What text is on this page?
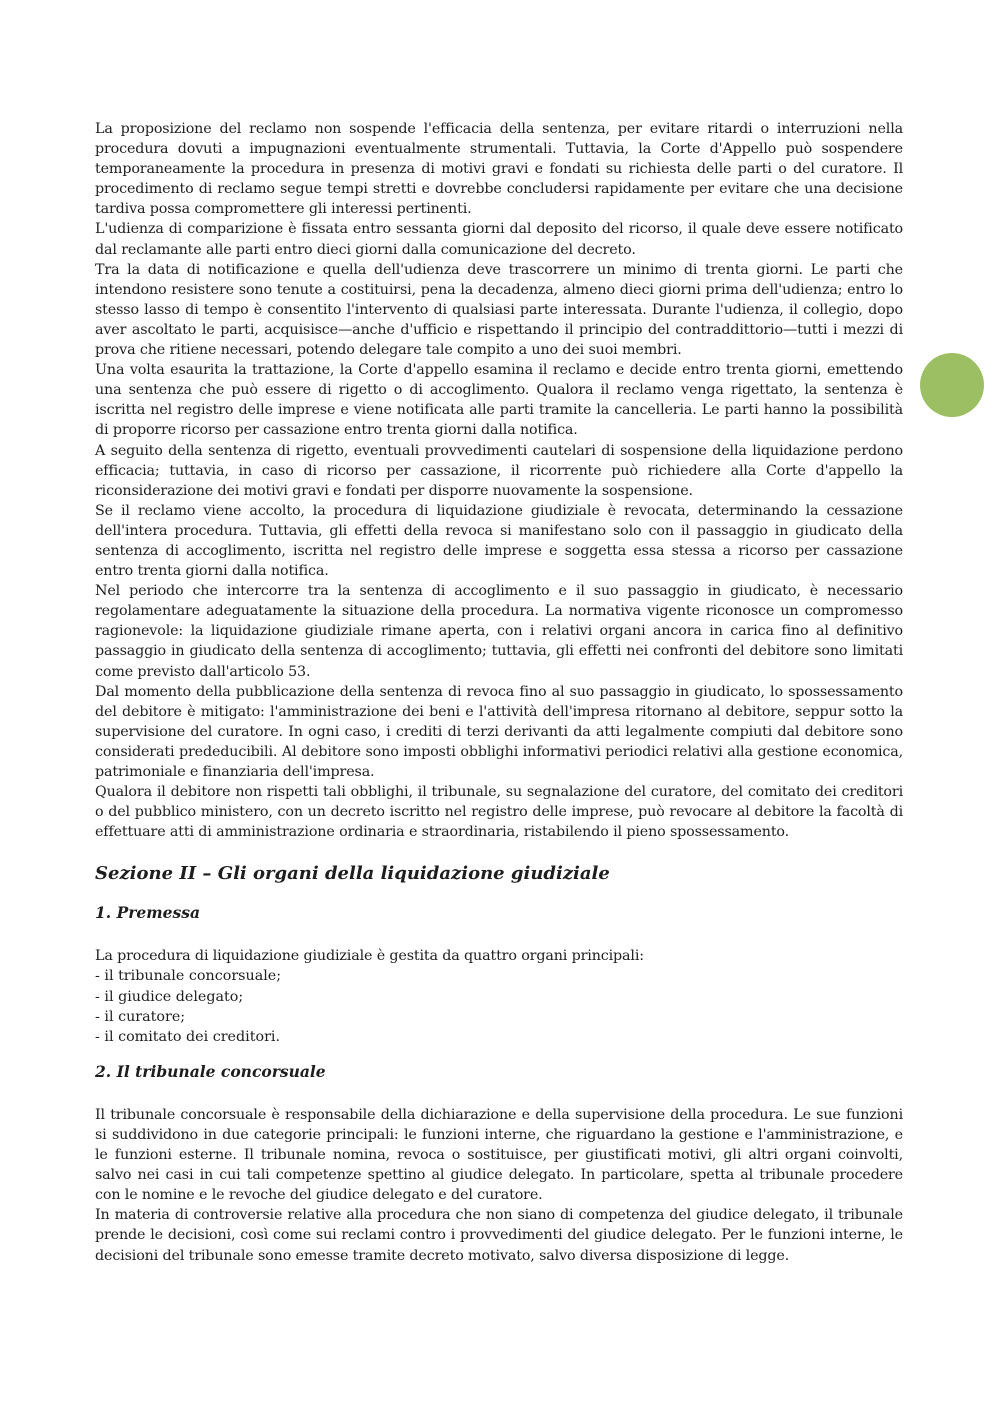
La proposizione del reclamo non sospende l'efficacia della sentenza, per evitare ritardi o interruzioni nella procedura dovuti a impugnazioni eventualmente strumentali. Tuttavia, la Corte d'Appello può sospendere temporaneamente la procedura in presenza di motivi gravi e fondati su richiesta delle parti o del curatore. Il procedimento di reclamo segue tempi stretti e dovrebbe concludersi rapidamente per evitare che una decisione tardiva possa compromettere gli interessi pertinenti.

L'udienza di comparizione è fissata entro sessanta giorni dal deposito del ricorso, il quale deve essere notificato dal reclamante alle parti entro dieci giorni dalla comunicazione del decreto.

Tra la data di notificazione e quella dell'udienza deve trascorrere un minimo di trenta giorni. Le parti che intendono resistere sono tenute a costituirsi, pena la decadenza, almeno dieci giorni prima dell'udienza; entro lo stesso lasso di tempo è consentito l'intervento di qualsiasi parte interessata. Durante l'udienza, il collegio, dopo aver ascoltato le parti, acquisisce—anche d'ufficio e rispettando il principio del contraddittorio—tutti i mezzi di prova che ritiene necessari, potendo delegare tale compito a uno dei suoi membri.

Una volta esaurita la trattazione, la Corte d'appello esamina il reclamo e decide entro trenta giorni, emettendo una sentenza che può essere di rigetto o di accoglimento. Qualora il reclamo venga rigettato, la sentenza è iscritta nel registro delle imprese e viene notificata alle parti tramite la cancelleria. Le parti hanno la possibilità di proporre ricorso per cassazione entro trenta giorni dalla notifica.

A seguito della sentenza di rigetto, eventuali provvedimenti cautelari di sospensione della liquidazione perdono efficacia; tuttavia, in caso di ricorso per cassazione, il ricorrente può richiedere alla Corte d'appello la riconsiderazione dei motivi gravi e fondati per disporre nuovamente la sospensione.

Se il reclamo viene accolto, la procedura di liquidazione giudiziale è revocata, determinando la cessazione dell'intera procedura. Tuttavia, gli effetti della revoca si manifestano solo con il passaggio in giudicato della sentenza di accoglimento, iscritta nel registro delle imprese e soggetta essa stessa a ricorso per cassazione entro trenta giorni dalla notifica.

Nel periodo che intercorre tra la sentenza di accoglimento e il suo passaggio in giudicato, è necessario regolamentare adeguatamente la situazione della procedura. La normativa vigente riconosce un compromesso ragionevole: la liquidazione giudiziale rimane aperta, con i relativi organi ancora in carica fino al definitivo passaggio in giudicato della sentenza di accoglimento; tuttavia, gli effetti nei confronti del debitore sono limitati come previsto dall'articolo 53.

Dal momento della pubblicazione della sentenza di revoca fino al suo passaggio in giudicato, lo spossessamento del debitore è mitigato: l'amministrazione dei beni e l'attività dell'impresa ritornano al debitore, seppur sotto la supervisione del curatore. In ogni caso, i crediti di terzi derivanti da atti legalmente compiuti dal debitore sono considerati prededucibili. Al debitore sono imposti obblighi informativi periodici relativi alla gestione economica, patrimoniale e finanziaria dell'impresa.

Qualora il debitore non rispetti tali obblighi, il tribunale, su segnalazione del curatore, del comitato dei creditori o del pubblico ministero, con un decreto iscritto nel registro delle imprese, può revocare al debitore la facoltà di effettuare atti di amministrazione ordinaria e straordinaria, ristabilendo il pieno spossessamento.

Sezione II – Gli organi della liquidazione giudiziale
1. Premessa

La procedura di liquidazione giudiziale è gestita da quattro organi principali:

- il tribunale concorsuale;
- il giudice delegato;
- il curatore;
- il comitato dei creditori.
2. Il tribunale concorsuale

Il tribunale concorsuale è responsabile della dichiarazione e della supervisione della procedura. Le sue funzioni si suddividono in due categorie principali: le funzioni interne, che riguardano la gestione e l'amministrazione, e le funzioni esterne. Il tribunale nomina, revoca o sostituisce, per giustificati motivi, gli altri organi coinvolti, salvo nei casi in cui tali competenze spettino al giudice delegato. In particolare, spetta al tribunale procedere con le nomine e le revoche del giudice delegato e del curatore.

In materia di controversie relative alla procedura che non siano di competenza del giudice delegato, il tribunale prende le decisioni, così come sui reclami contro i provvedimenti del giudice delegato. Per le funzioni interne, le decisioni del tribunale sono emesse tramite decreto motivato, salvo diversa disposizione di legge.
